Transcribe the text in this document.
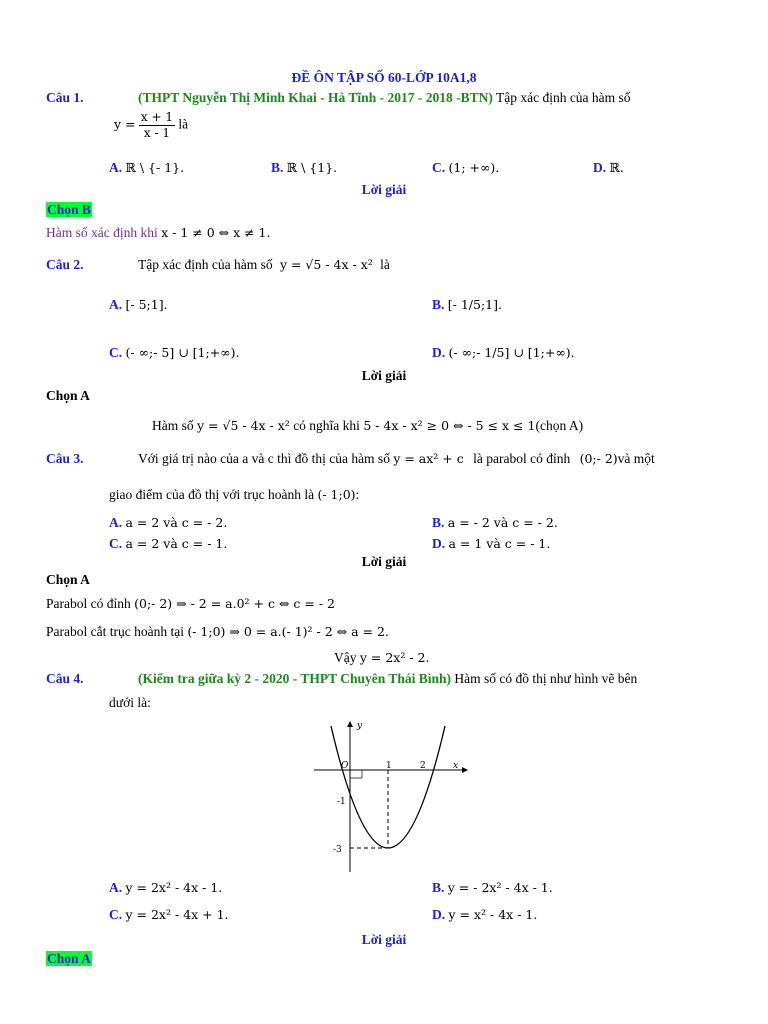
ĐỀ ÔN TẬP SỐ 60-LỚP 10A1,8
Câu 1.	(THPT Nguyễn Thị Minh Khai - Hà Tĩnh - 2017 - 2018 -BTN) Tập xác định của hàm số
$y = \frac{x + 1}{x - 1}$ là
A. ℝ \ {- 1}.	B. ℝ \ {1}.	C. (1; +∞).	D. ℝ.
Lời giải
Chọn B
Hàm số xác định khi x - 1 ≠ 0 ⇔ x ≠ 1.
Câu 2.	Tập xác định của hàm số y = √5 - 4x - x² là
A. [- 5;1].	B. [- 1/5;1].
C. (- ∞;- 5] ∪ [1;+∞).	D. (- ∞;- 1/5] ∪ [1;+∞).
Lời giải
Chọn A
Hàm số y = √5 - 4x - x² có nghĩa khi 5 - 4x - x² ≥ 0 ⇔ - 5 ≤ x ≤ 1(chọn A)
Câu 3.	Với giá trị nào của a và c thì đồ thị của hàm số y = ax² + c là parabol có đỉnh (0;- 2)và một
giao điểm của đồ thị với trục hoành là (- 1;0):
A. a = 2 và c = - 2.	B. a = - 2 và c = - 2.
C. a = 2 và c = - 1.	D. a = 1 và c = - 1.
Lời giải
Chọn A
Parabol có đỉnh (0;- 2) ⇒ - 2 = a.0² + c ⇔ c = - 2
Parabol cắt trục hoành tại (- 1;0) ⇒ 0 = a.(- 1)² - 2 ⇔ a = 2.
Vậy y = 2x² - 2.
Câu 4.	(Kiểm tra giữa kỳ 2 - 2020 - THPT Chuyên Thái Bình) Hàm số có đồ thị như hình vẽ bên
dưới là:
y
x
O	1	2
-1
-3
A. y = 2x² - 4x - 1.	B. y = - 2x² - 4x - 1.
C. y = 2x² - 4x + 1.	D. y = x² - 4x - 1.
Lời giải
Chọn A
